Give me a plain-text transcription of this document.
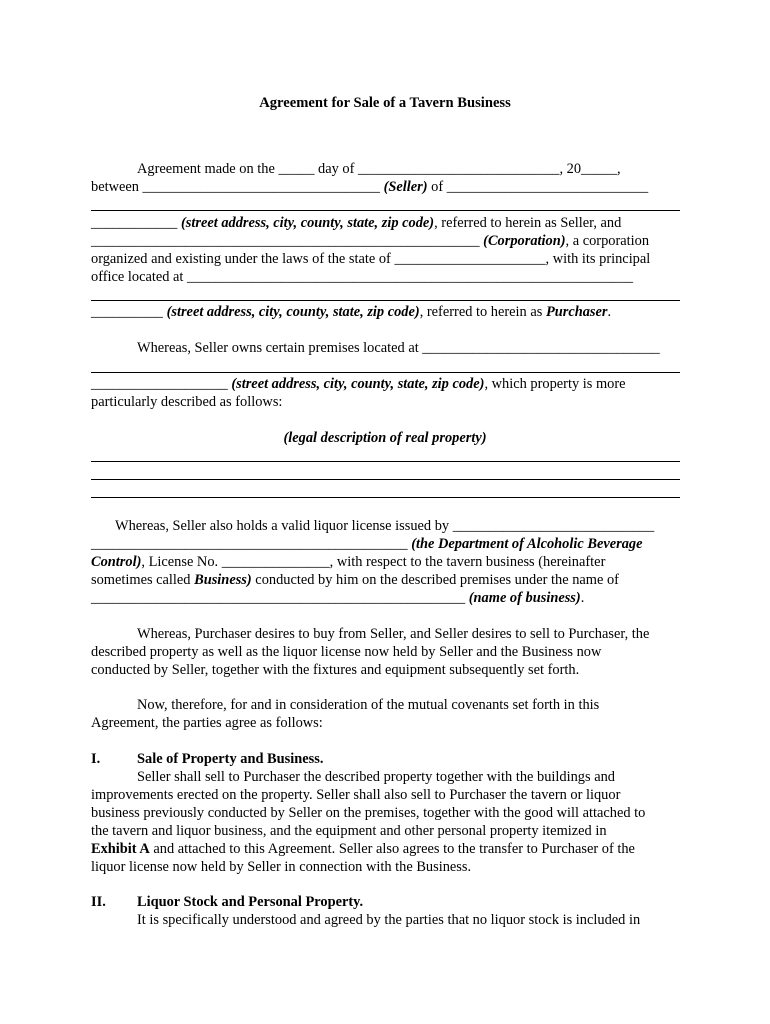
Agreement for Sale of a Tavern Business

Agreement made on the _____ day of ____________________________, 20_____,

between _________________________________ (Seller) of ____________________________

____________ (street address, city, county, state, zip code), referred to herein as Seller, and

______________________________________________________ (Corporation), a corporation

organized and existing under the laws of the state of _____________________, with its principal

office located at ______________________________________________________________

__________ (street address, city, county, state, zip code), referred to herein as Purchaser.

Whereas, Seller owns certain premises located at _________________________________

___________________ (street address, city, county, state, zip code), which property is more

particularly described as follows:

(legal description of real property)

Whereas, Seller also holds a valid liquor license issued by ____________________________

____________________________________________ (the Department of Alcoholic Beverage

Control), License No. _______________, with respect to the tavern business (hereinafter

sometimes called Business) conducted by him on the described premises under the name of

____________________________________________________ (name of business).

Whereas, Purchaser desires to buy from Seller, and Seller desires to sell to Purchaser, the

described property as well as the liquor license now held by Seller and the Business now

conducted by Seller, together with the fixtures and equipment subsequently set forth.

Now, therefore, for and in consideration of the mutual covenants set forth in this

Agreement, the parties agree as follows:

I.	Sale of Property and Business.

Seller shall sell to Purchaser the described property together with the buildings and

improvements erected on the property. Seller shall also sell to Purchaser the tavern or liquor

business previously conducted by Seller on the premises, together with the good will attached to

the tavern and liquor business, and the equipment and other personal property itemized in

Exhibit A and attached to this Agreement. Seller also agrees to the transfer to Purchaser of the

liquor license now held by Seller in connection with the Business.

II. Liquor Stock and Personal Property.

It is specifically understood and agreed by the parties that no liquor stock is included in
